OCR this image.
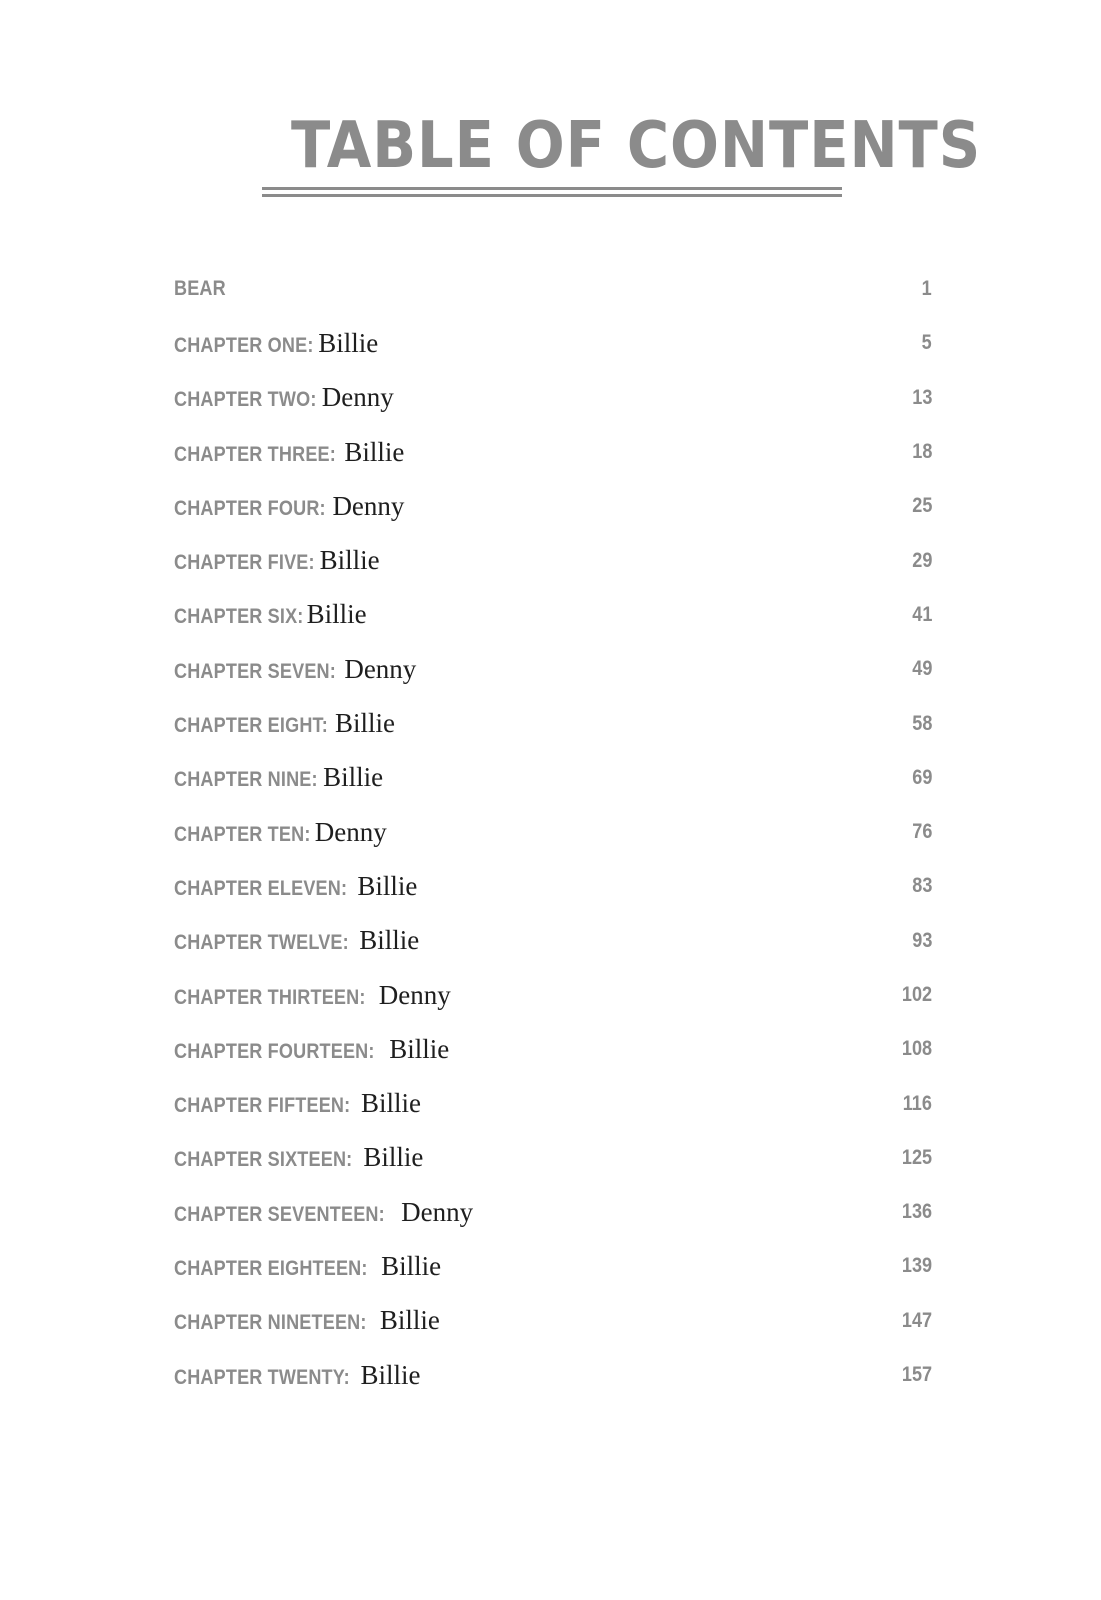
TABLE OF CONTENTS
BEAR	1
CHAPTER ONE: Billie	5
CHAPTER TWO: Denny	13
CHAPTER THREE: Billie	18
CHAPTER FOUR: Denny	25
CHAPTER FIVE: Billie	29
CHAPTER SIX: Billie	41
CHAPTER SEVEN: Denny	49
CHAPTER EIGHT: Billie	58
CHAPTER NINE: Billie	69
CHAPTER TEN: Denny	76
CHAPTER ELEVEN: Billie	83
CHAPTER TWELVE: Billie	93
CHAPTER THIRTEEN: Denny	102
CHAPTER FOURTEEN: Billie	108
CHAPTER FIFTEEN: Billie	116
CHAPTER SIXTEEN: Billie	125
CHAPTER SEVENTEEN: Denny	136
CHAPTER EIGHTEEN: Billie	139
CHAPTER NINETEEN: Billie	147
CHAPTER TWENTY: Billie	157
